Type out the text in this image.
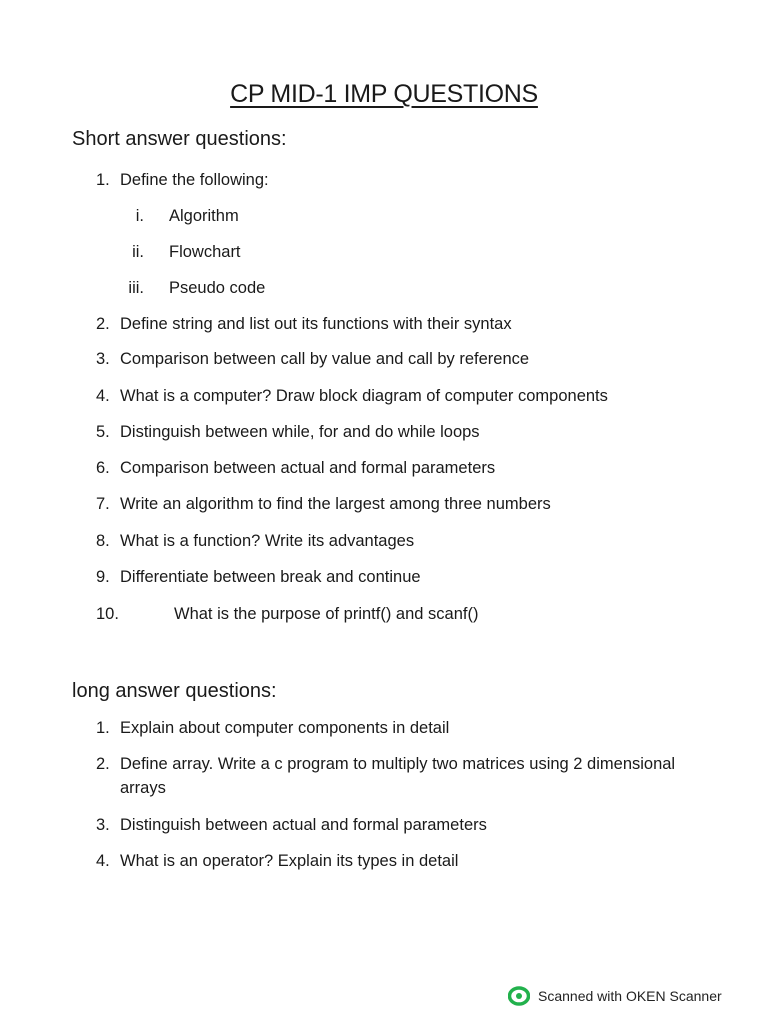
CP MID-1 IMP QUESTIONS
Short answer questions:
1. Define the following:
i. Algorithm
ii. Flowchart
iii. Pseudo code
2. Define string and list out its functions with their syntax
3. Comparison between call by value and call by reference
4. What is a computer? Draw block diagram of computer components
5. Distinguish between while, for and do while loops
6. Comparison between actual and formal parameters
7. Write an algorithm to find the largest among three numbers
8. What is a function? Write its advantages
9. Differentiate between break and continue
10.	What is the purpose of printf() and scanf()
long answer questions:
1. Explain about computer components in detail
2. Define array. Write a c program to multiply two matrices using 2 dimensional arrays
3. Distinguish between actual and formal parameters
4. What is an operator? Explain its types in detail
Scanned with OKEN Scanner
